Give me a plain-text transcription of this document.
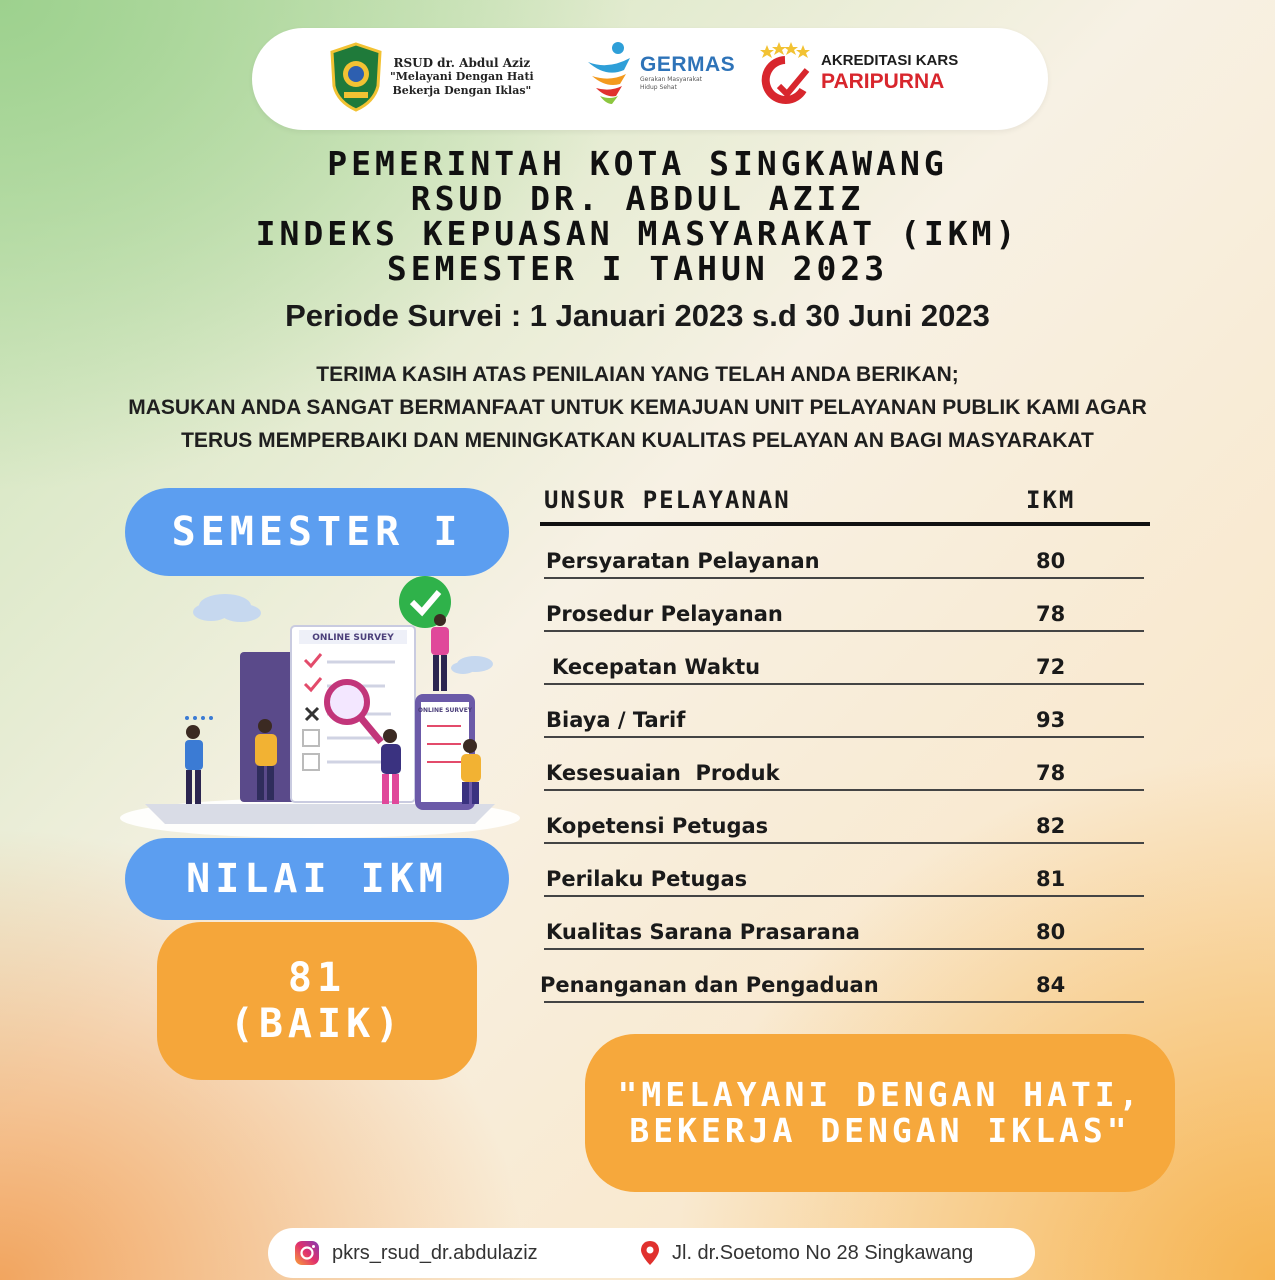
RSUD dr. Abdul Aziz
"Melayani Dengan Hati
Bekerja Dengan Iklas"
GERMAS
Gerakan Masyarakat Hidup Sehat
AKREDITASI KARS
PARIPURNA
PEMERINTAH KOTA SINGKAWANG
RSUD DR. ABDUL AZIZ
INDEKS KEPUASAN MASYARAKAT (IKM)
SEMESTER I TAHUN 2023
Periode Survei : 1 Januari 2023 s.d 30 Juni 2023
TERIMA KASIH ATAS PENILAIAN YANG TELAH ANDA BERIKAN;
MASUKAN ANDA SANGAT BERMANFAAT UNTUK KEMAJUAN UNIT PELAYANAN PUBLIK KAMI AGAR
TERUS MEMPERBAIKI DAN MENINGKATKAN KUALITAS PELAYAN AN BAGI MASYARAKAT
SEMESTER I
ONLINE SURVEY
ONLINE SURVEY
NILAI IKM
81
(BAIK)
UNSUR PELAYANAN	IKM
Persyaratan Pelayanan	80
Prosedur Pelayanan	78
Kecepatan Waktu	72
Biaya / Tarif	93
Kesesuaian  Produk	78
Kopetensi Petugas	82
Perilaku Petugas	81
Kualitas Sarana Prasarana	80
Penanganan dan Pengaduan	84
"MELAYANI DENGAN HATI,
BEKERJA DENGAN IKLAS"
pkrs_rsud_dr.abdulaziz	Jl. dr.Soetomo No 28 Singkawang
